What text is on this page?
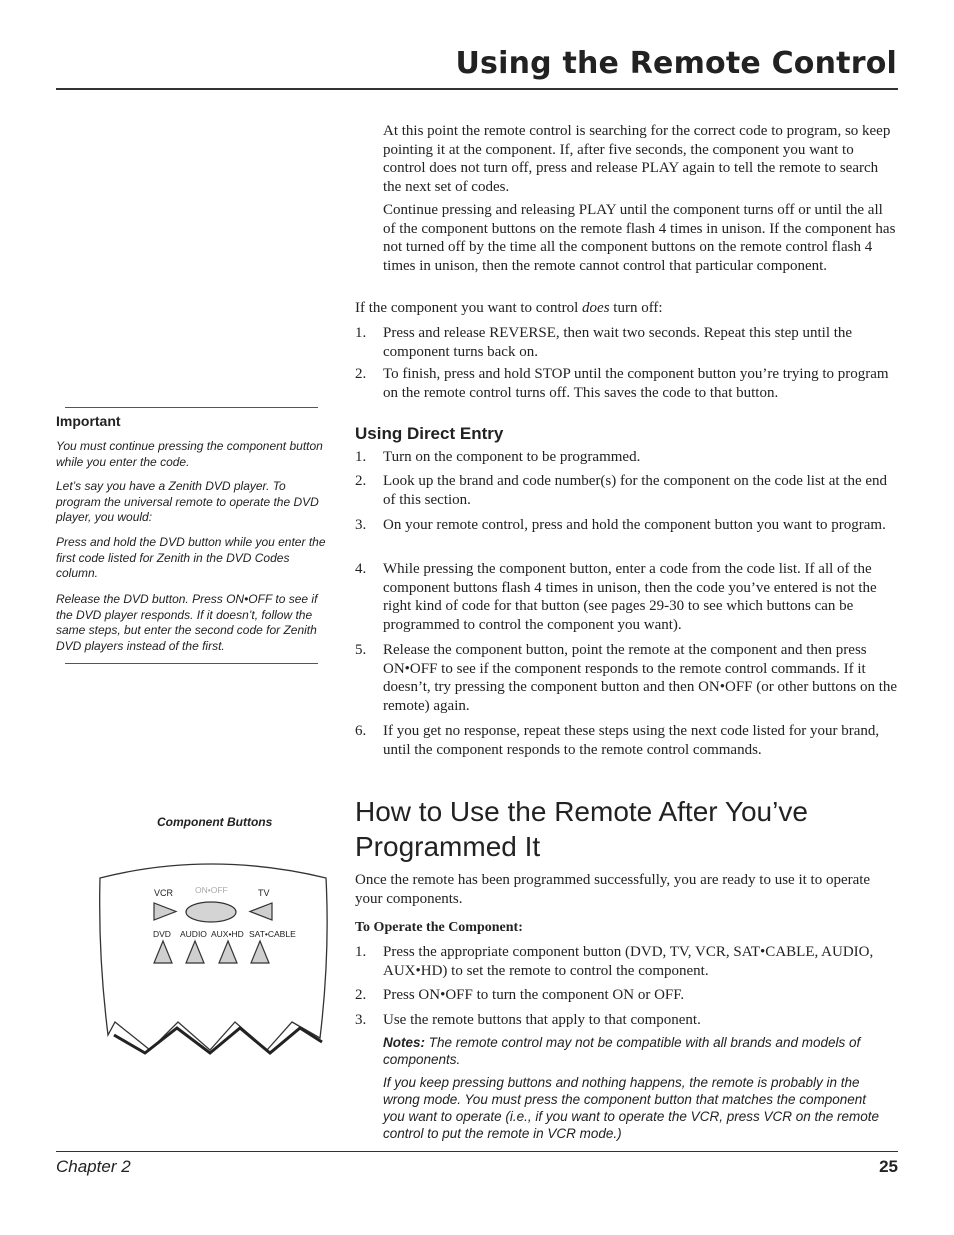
Using the Remote Control

At this point the remote control is searching for the correct code to program, so keep pointing it at the component. If, after five seconds, the component you want to control does not turn off, press and release PLAY again to tell the remote to search the next set of codes.

Continue pressing and releasing PLAY until the component turns off or until the all of the component buttons on the remote flash 4 times in unison. If the component has not turned off by the time all the component buttons on the remote control flash 4 times in unison, then the remote cannot control that particular component.

If the component you want to control does turn off:
1.	Press and release REVERSE, then wait two seconds. Repeat this step until the component turns back on.
2.	To finish, press and hold STOP until the component button you’re trying to program on the remote control turns off. This saves the code to that button.
Important
You must continue pressing the component button while you enter the code.
Let’s say you have a Zenith DVD player. To program the universal remote to operate the DVD player, you would:
Press and hold the DVD button while you enter the first code listed for Zenith in the DVD Codes column.
Release the DVD button. Press ON•OFF to see if the DVD player responds. If it doesn’t, follow the same steps, but enter the second code for Zenith DVD players instead of the first.
Using Direct Entry
1.	Turn on the component to be programmed.
2.	Look up the brand and code number(s) for the component on the code list at the end of this section.
3.	On your remote control, press and hold the component button you want to program.
4.	While pressing the component button, enter a code from the code list. If all of the component buttons flash 4 times in unison, then the code you’ve entered is not the right kind of code for that button (see pages 29-30 to see which buttons can be programmed to control the component you want).
5.	Release the component button, point the remote at the component and then press ON•OFF to see if the component responds to the remote control commands. If it doesn’t, try pressing the component button and then ON•OFF (or other buttons on the remote) again.
6.	If you get no response, repeat these steps using the next code listed for your brand, until the component responds to the remote control commands.
Component Buttons
VCR	ON•OFF	TV
DVD AUDIO AUX•HD SAT•CABLE
How to Use the Remote After You’ve Programmed It
Once the remote has been programmed successfully, you are ready to use it to operate your components.
To Operate the Component:
1.	Press the appropriate component button (DVD, TV, VCR, SAT•CABLE, AUDIO, AUX•HD) to set the remote to control the component.
2.	Press ON•OFF to turn the component ON or OFF.
3.	Use the remote buttons that apply to that component.
Notes: The remote control may not be compatible with all brands and models of components.
If you keep pressing buttons and nothing happens, the remote is probably in the wrong mode. You must press the component button that matches the component you want to operate (i.e., if you want to operate the VCR, press VCR on the remote control to put the remote in VCR mode.)
Chapter 2	25
